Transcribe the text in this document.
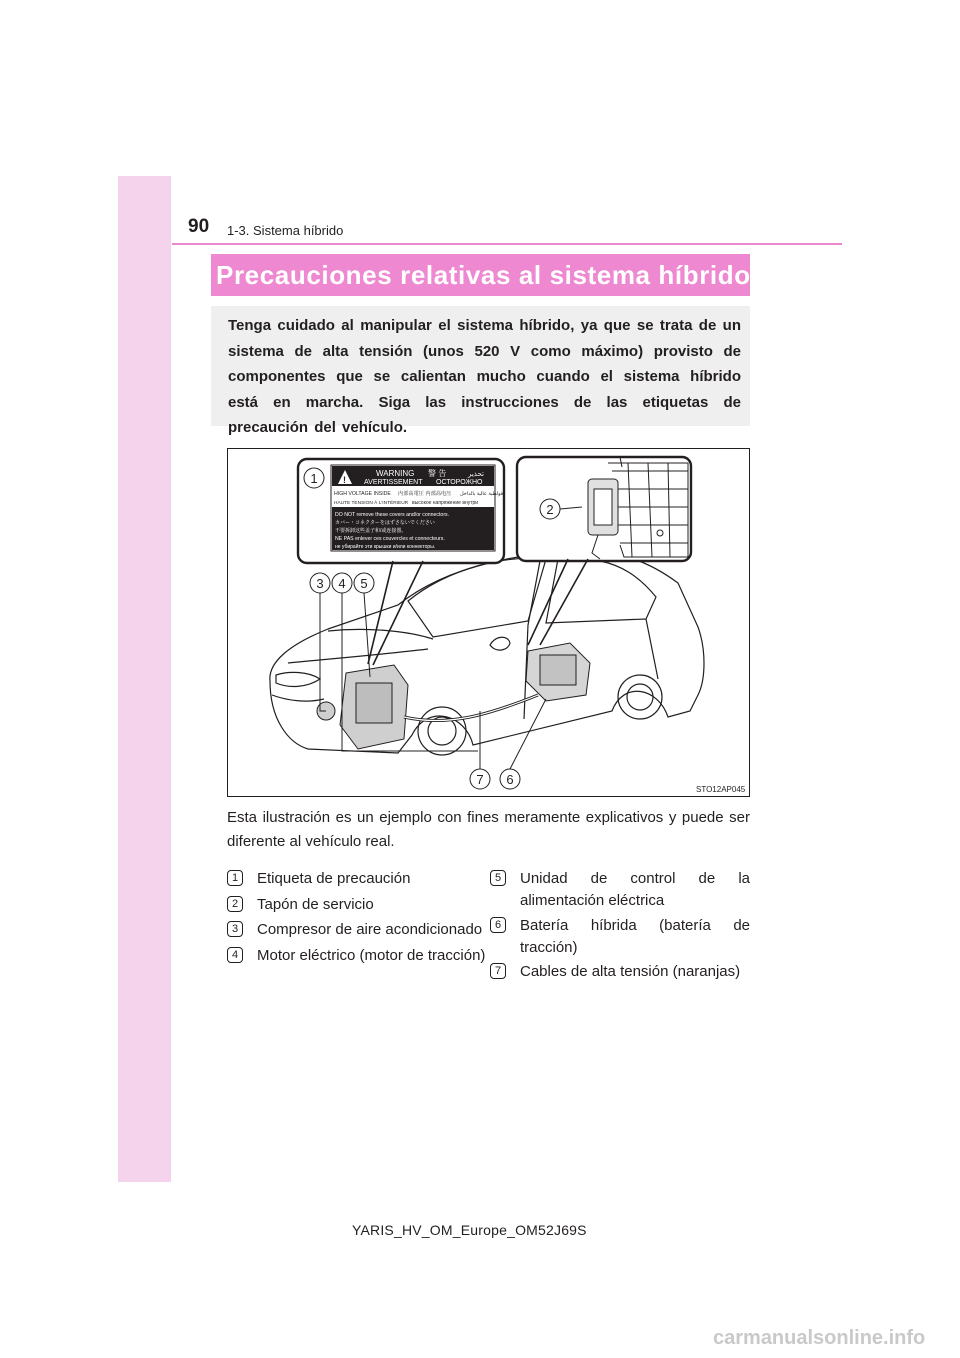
90 1-3. Sistema híbrido
Precauciones relativas al sistema híbrido
Tenga cuidado al manipular el sistema híbrido, ya que se trata de un sistema de alta tensión (unos 520 V como máximo) provisto de componentes que se calientan mucho cuando el sistema híbrido está en marcha. Siga las instrucciones de las etiquetas de precaución del vehículo.
!
WARNING 警 告	تحذير
AVERTISSEMENT ОСТОРОЖНО
HIGH VOLTAGE INSIDE 内部高電圧 内部高电压 فولطية عالية بالداخل
HAUTE TENSION À L'INTÉRIEUR высокое напряжение внутри
DO NOT remove these covers and/or connectors.
カバー・コネクターをはずさないでください
不要拆卸这些盖子和/或连接器。
NE PAS enlever ces couvercles et connecteurs.
не убирайте эти крышки и/или коннекторы.
1
2
3 4 5
7 6
STO12AP045
Esta ilustración es un ejemplo con fines meramente explicativos y puede ser diferente al vehículo real.
1	Etiqueta de precaución
2	Tapón de servicio
3	Compresor de aire acondicionado
4	Motor eléctrico (motor de tracción)
5	Unidad de control de la alimentación eléctrica
6	Batería híbrida (batería de tracción)
7	Cables de alta tensión (naranjas)
YARIS_HV_OM_Europe_OM52J69S
carmanualsonline.info
